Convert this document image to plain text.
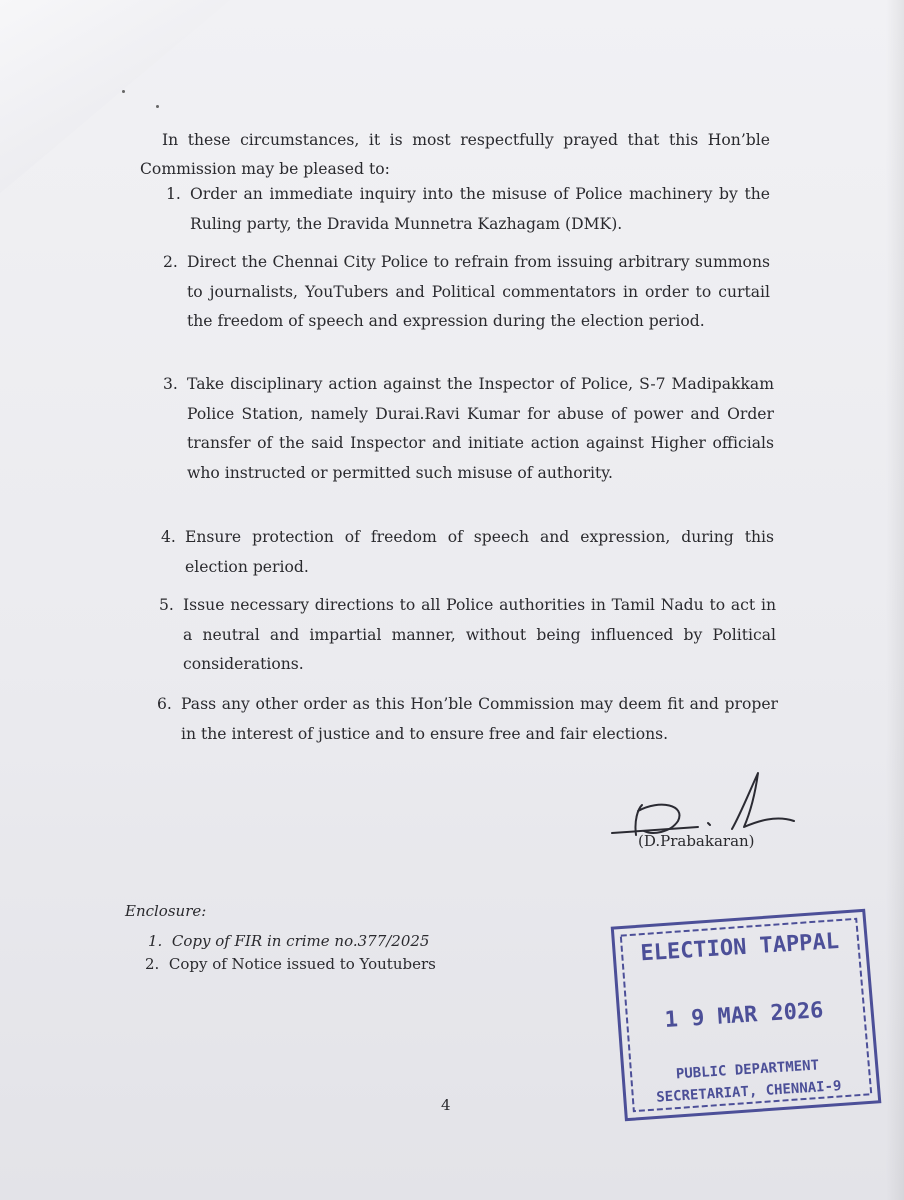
In these circumstances, it is most respectfully prayed that this Hon’ble Commission may be pleased to:
1. Order an immediate inquiry into the misuse of Police machinery by the Ruling party, the Dravida Munnetra Kazhagam (DMK).
2. Direct the Chennai City Police to refrain from issuing arbitrary summons to journalists, YouTubers and Political commentators in order to curtail the freedom of speech and expression during the election period.
3. Take disciplinary action against the Inspector of Police, S-7 Madipakkam Police Station, namely Durai.Ravi Kumar for abuse of power and Order transfer of the said Inspector and initiate action against Higher officials who instructed or permitted such misuse of authority.
4. Ensure protection of freedom of speech and expression, during this election period.
5. Issue necessary directions to all Police authorities in Tamil Nadu to act in a neutral and impartial manner, without being influenced by Political considerations.
6. Pass any other order as this Hon’ble Commission may deem fit and proper in the interest of justice and to ensure free and fair elections.
(D.Prabakaran)
Enclosure:
1. Copy of FIR in crime no.377/2025
2. Copy of Notice issued to Youtubers
4
ELECTION TAPPAL
1 9 MAR 2026
PUBLIC DEPARTMENT
SECRETARIAT, CHENNAI-9
